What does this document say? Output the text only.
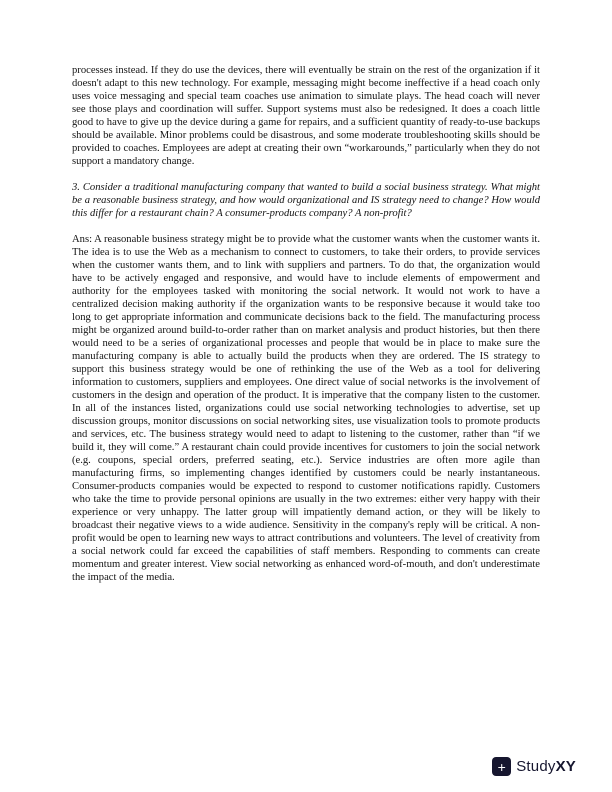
processes instead. If they do use the devices, there will eventually be strain on the rest of the organization if it doesn't adapt to this new technology. For example, messaging might become ineffective if a head coach only uses voice messaging and special team coaches use animation to simulate plays. The head coach will never see those plays and coordination will suffer. Support systems must also be redesigned. It does a coach little good to have to give up the device during a game for repairs, and a sufficient quantity of ready-to-use backups should be available. Minor problems could be disastrous, and some moderate troubleshooting skills should be provided to coaches. Employees are adept at creating their own “workarounds,” particularly when they do not support a mandatory change.

3. Consider a traditional manufacturing company that wanted to build a social business strategy. What might be a reasonable business strategy, and how would organizational and IS strategy need to change? How would this differ for a restaurant chain? A consumer-products company? A non-profit?

Ans: A reasonable business strategy might be to provide what the customer wants when the customer wants it. The idea is to use the Web as a mechanism to connect to customers, to take their orders, to provide services when the customer wants them, and to link with suppliers and partners. To do that, the organization would have to be actively engaged and responsive, and would have to include elements of empowerment and authority for the employees tasked with monitoring the social network. It would not work to have a centralized decision making authority if the organization wants to be responsive because it would take too long to get appropriate information and communicate decisions back to the field. The manufacturing process might be organized around build-to-order rather than on market analysis and product histories, but then there would need to be a series of organizational processes and people that would be in place to make sure the manufacturing company is able to actually build the products when they are ordered. The IS strategy to support this business strategy would be one of rethinking the use of the Web as a tool for delivering information to customers, suppliers and employees. One direct value of social networks is the involvement of customers in the design and operation of the product. It is imperative that the company listen to the customer. In all of the instances listed, organizations could use social networking technologies to advertise, set up discussion groups, monitor discussions on social networking sites, use visualization tools to promote products and services, etc. The business strategy would need to adapt to listening to the customer, rather than “if we build it, they will come.” A restaurant chain could provide incentives for customers to join the social network (e.g. coupons, special orders, preferred seating, etc.). Service industries are often more agile than manufacturing firms, so implementing changes identified by customers could be nearly instantaneous. Consumer-products companies would be expected to respond to customer notifications rapidly. Customers who take the time to provide personal opinions are usually in the two extremes: either very happy with their experience or very unhappy. The latter group will impatiently demand action, or they will be likely to broadcast their negative views to a wide audience. Sensitivity in the company's reply will be critical. A non-profit would be open to learning new ways to attract contributions and volunteers. The level of creativity from a social network could far exceed the capabilities of staff members. Responding to comments can create momentum and greater interest. View social networking as enhanced word-of-mouth, and don't underestimate the impact of the media.

+ StudyXY
